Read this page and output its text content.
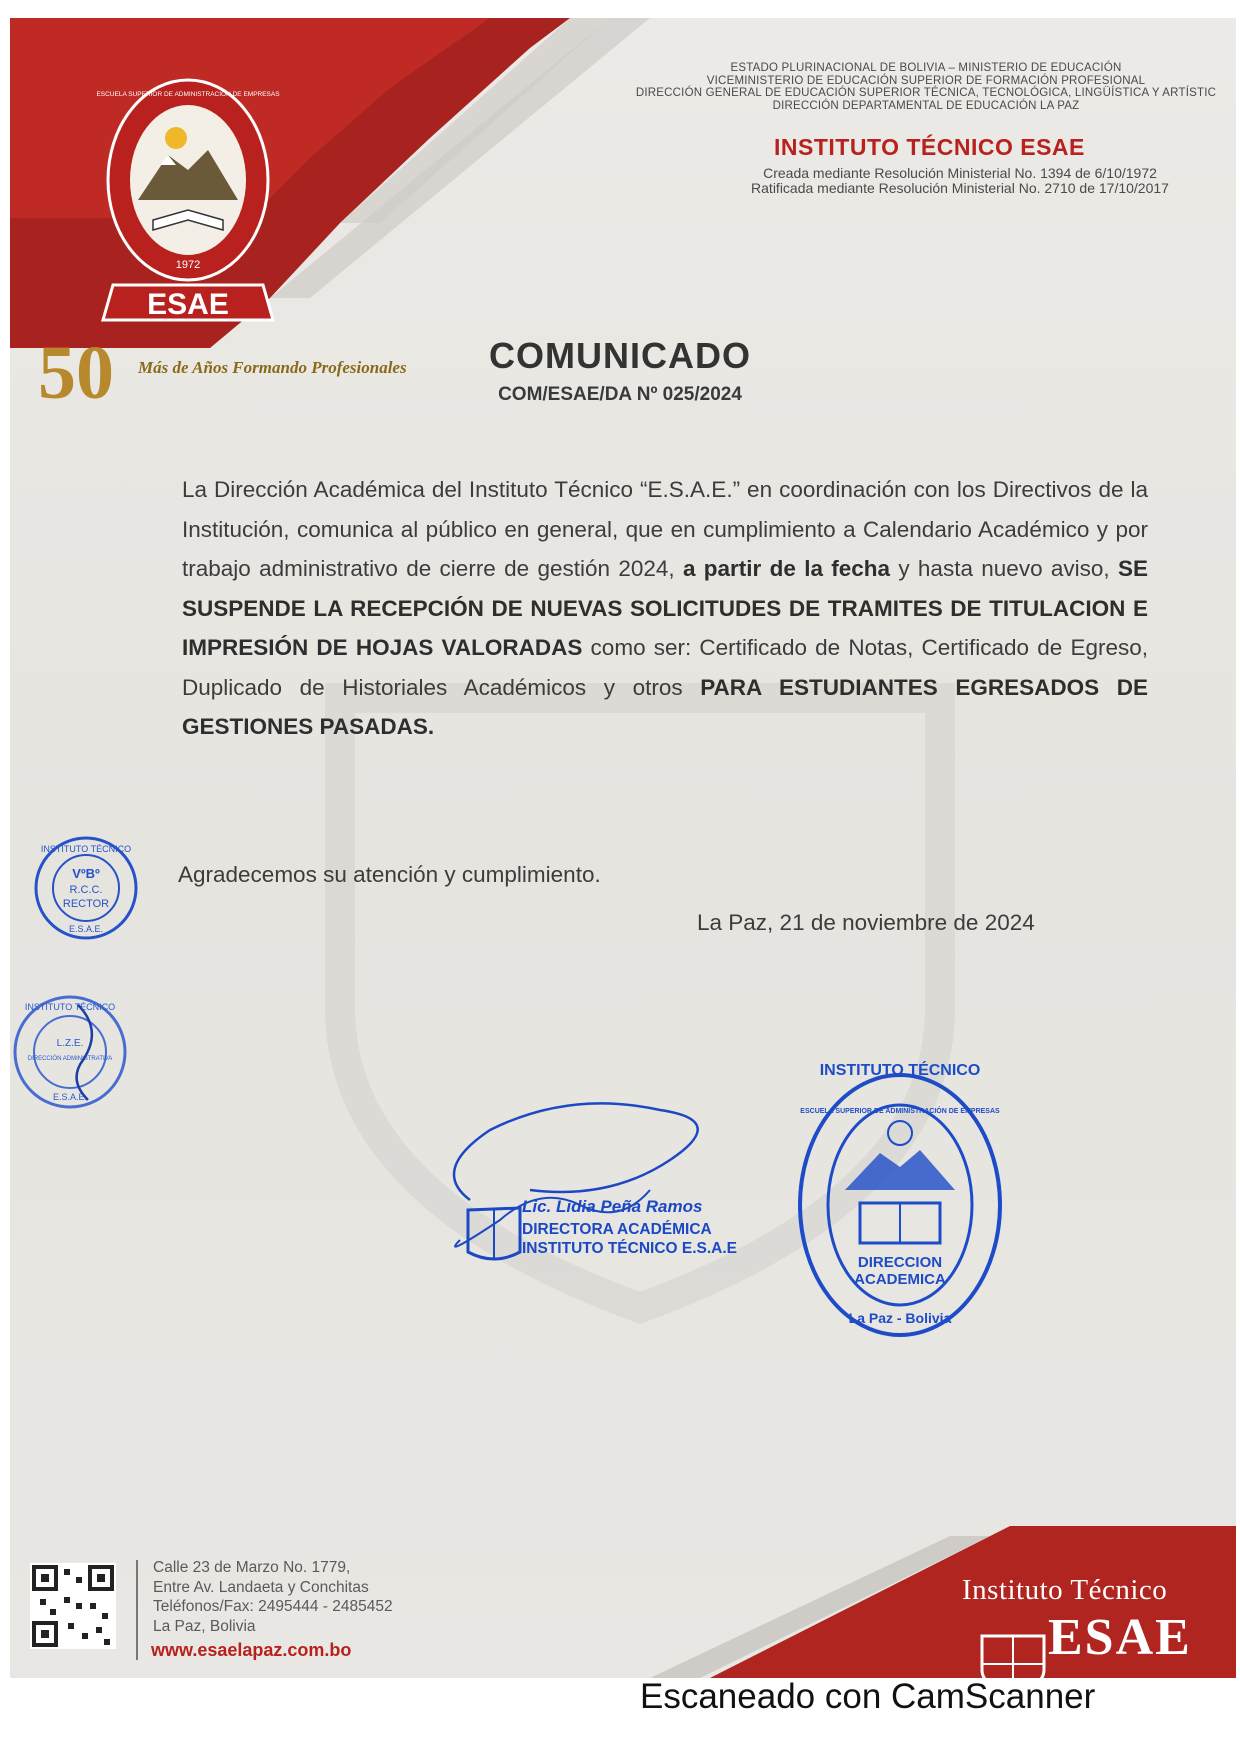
1972
ESAE
ESCUELA SUPERIOR DE ADMINISTRACIÓN DE EMPRESAS
50 Más de Años Formando Profesionales
ESTADO PLURINACIONAL DE BOLIVIA – MINISTERIO DE EDUCACIÓN
VICEMINISTERIO DE EDUCACIÓN SUPERIOR DE FORMACIÓN PROFESIONAL
DIRECCIÓN GENERAL DE EDUCACIÓN SUPERIOR TÉCNICA, TECNOLÓGICA, LINGÜÍSTICA Y ARTÍSTIC
DIRECCIÓN DEPARTAMENTAL DE EDUCACIÓN LA PAZ
INSTITUTO TÉCNICO ESAE
Creada mediante Resolución Ministerial No. 1394 de 6/10/1972
Ratificada mediante Resolución Ministerial No. 2710 de 17/10/2017
COMUNICADO
COM/ESAE/DA Nº 025/2024
La Dirección Académica del Instituto Técnico “E.S.A.E.” en coordinación con los Directivos de la Institución, comunica al público en general, que en cumplimiento a Calendario Académico y por trabajo administrativo de cierre de gestión 2024, a partir de la fecha y hasta nuevo aviso, SE SUSPENDE LA RECEPCIÓN DE NUEVAS SOLICITUDES DE TRAMITES DE TITULACION E IMPRESIÓN DE HOJAS VALORADAS como ser: Certificado de Notas, Certificado de Egreso, Duplicado de Historiales Académicos y otros PARA ESTUDIANTES EGRESADOS DE GESTIONES PASADAS.
Agradecemos su atención y cumplimiento.
La Paz, 21 de noviembre de 2024
INSTITUTO TÉCNICO
VºBº
R.C.C.
RECTOR
E.S.A.E.
INSTITUTO TÉCNICO
L.Z.E.
DIRECCIÓN ADMINISTRATIVA
E.S.A.E.
Lic. Lidia Peña Ramos
DIRECTORA ACADÉMICA
INSTITUTO TÉCNICO E.S.A.E
INSTITUTO TÉCNICO
ESCUELA SUPERIOR DE ADMINISTRACIÓN DE EMPRESAS
DIRECCION
ACADEMICA
La Paz - Bolivia
Calle 23 de Marzo No. 1779,
Entre Av. Landaeta y Conchitas
Teléfonos/Fax: 2495444 - 2485452
La Paz, Bolivia
www.esaelapaz.com.bo
Instituto Técnico
ESAE
Escaneado con CamScanner
